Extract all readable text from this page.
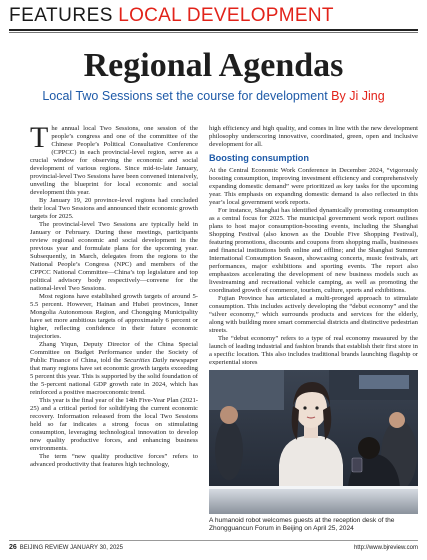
FEATURES LOCAL DEVELOPMENT
Regional Agendas
Local Two Sessions set the course for development By Ji Jing

The annual local Two Sessions, one session of the people’s congress and one of the committee of the Chinese People’s Political Consultative Conference (CPPCC) in each provincial-level region, serve as a crucial window for observing the economic and social development of various regions. Since mid-to-late January, provincial-level Two Sessions have been convened intensively, unveiling the blueprint for local economic and social development this year.

By January 19, 20 province-level regions had concluded their local Two Sessions and announced their economic growth targets for 2025.

The provincial-level Two Sessions are typically held in January or February. During these meetings, participants review regional economic and social development in the previous year and formulate plans for the upcoming year. Subsequently, in March, delegates from the regions to the National People’s Congress (NPC) and members of the CPPCC National Committee—China’s top legislature and top political advisory body respectively—convene for the national-level Two Sessions.

Most regions have established growth targets of around 5-5.5 percent. However, Hainan and Hubei provinces, Inner Mongolia Autonomous Region, and Chongqing Municipality have set more ambitious targets of approximately 6 percent or higher, reflecting confidence in their future economic trajectories.

Zhang Yiqun, Deputy Director of the China Special Committee on Budget Performance under the Society of Public Finance of China, told the Securities Daily newspaper that many regions have set economic growth targets exceeding 5 percent this year. This is supported by the solid foundation of the 5-percent national GDP growth rate in 2024, which has reinforced a positive macroeconomic trend.

This year is the final year of the 14th Five-Year Plan (2021-25) and a critical period for solidifying the current economic recovery. Information released from the local Two Sessions held so far indicates a strong focus on stimulating consumption, leveraging technological innovation to develop new quality productive forces, and enhancing business environments.

The term “new quality productive forces” refers to advanced productivity that features high technology,

high efficiency and high quality, and comes in line with the new development philosophy underscoring innovative, coordinated, green, open and inclusive development for all.

Boosting consumption

At the Central Economic Work Conference in December 2024, “vigorously boosting consumption, improving investment efficiency and comprehensively expanding domestic demand” were prioritized as key tasks for the upcoming year. This emphasis on expanding domestic demand is also reflected in this year’s local government work reports.

For instance, Shanghai has identified dynamically promoting consumption as a central focus for 2025. The municipal government work report outlines plans to host major consumption-boosting events, including the Shanghai Shopping Festival (also known as the Double Five Shopping Festival), featuring promotions, discounts and coupons from shopping malls, businesses and financial institutions both online and offline; and the Shanghai Summer International Consumption Season, showcasing concerts, music festivals, art performances, major exhibitions and sporting events. The report also emphasizes accelerating the development of new business models such as livestreaming and recreational vehicle camping, as well as promoting the coordinated growth of commerce, tourism, culture, sports and exhibitions.

Fujian Province has articulated a multi-pronged approach to stimulate consumption. This includes actively developing the “debut economy” and the “silver economy,” which surrounds products and services for the elderly, along with building more smart commercial districts and distinctive pedestrian streets.

The “debut economy” refers to a type of real economy measured by the launch of leading industrial and fashion brands that establish their first store in a specific location. This also includes traditional brands launching flagship or experiential stores

A humanoid robot welcomes guests at the reception desk of the Zhongguancun Forum in Beijing on April 25, 2024
26 BEIJING REVIEW JANUARY 30, 2025	http://www.bjreview.com
